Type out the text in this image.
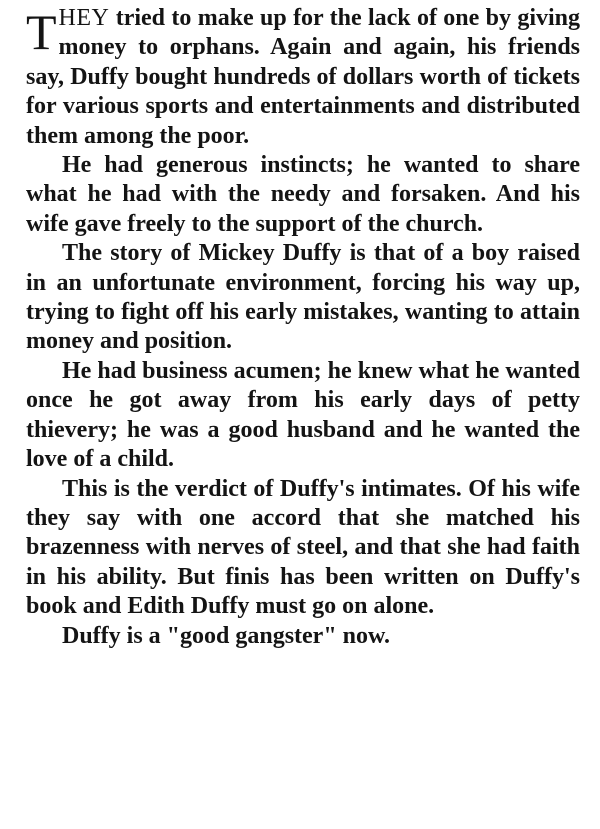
THEY tried to make up for the lack of one by giving money to orphans. Again and again, his friends say, Duffy bought hundreds of dollars worth of tickets for various sports and entertainments and distributed them among the poor.

He had generous instincts; he wanted to share what he had with the needy and forsaken. And his wife gave freely to the support of the church.

The story of Mickey Duffy is that of a boy raised in an unfortunate environment, forcing his way up, trying to fight off his early mistakes, wanting to attain money and position.

He had business acumen; he knew what he wanted once he got away from his early days of petty thievery; he was a good husband and he wanted the love of a child.

This is the verdict of Duffy's intimates. Of his wife they say with one accord that she matched his brazenness with nerves of steel, and that she had faith in his ability. But finis has been written on Duffy's book and Edith Duffy must go on alone.

Duffy is a "good gangster" now.
